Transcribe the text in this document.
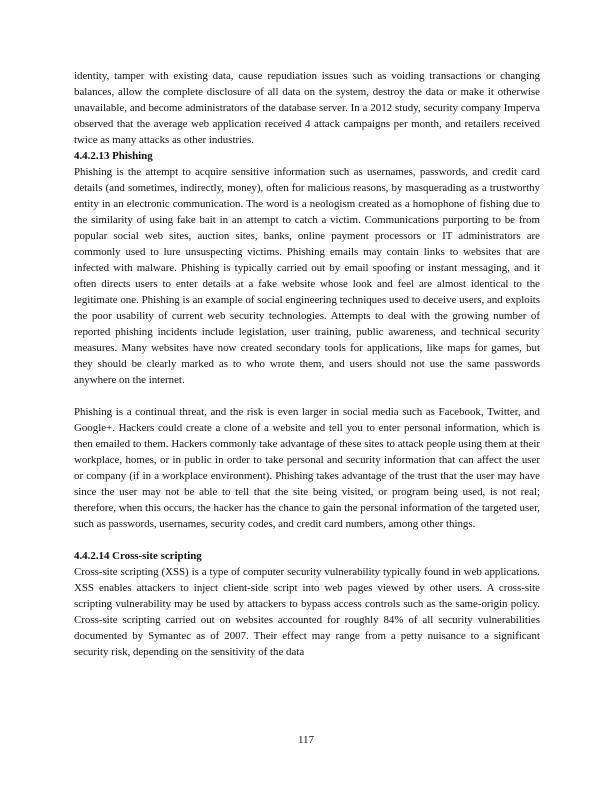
identity, tamper with existing data, cause repudiation issues such as voiding transactions or changing balances, allow the complete disclosure of all data on the system, destroy the data or make it otherwise unavailable, and become administrators of the database server. In a 2012 study, security company Imperva observed that the average web application received 4 attack campaigns per month, and retailers received twice as many attacks as other industries.

4.4.2.13 Phishing

Phishing is the attempt to acquire sensitive information such as usernames, passwords, and credit card details (and sometimes, indirectly, money), often for malicious reasons, by masquerading as a trustworthy entity in an electronic communication. The word is a neologism created as a homophone of fishing due to the similarity of using fake bait in an attempt to catch a victim. Communications purporting to be from popular social web sites, auction sites, banks, online payment processors or IT administrators are commonly used to lure unsuspecting victims. Phishing emails may contain links to websites that are infected with malware. Phishing is typically carried out by email spoofing or instant messaging, and it often directs users to enter details at a fake website whose look and feel are almost identical to the legitimate one. Phishing is an example of social engineering techniques used to deceive users, and exploits the poor usability of current web security technologies. Attempts to deal with the growing number of reported phishing incidents include legislation, user training, public awareness, and technical security measures. Many websites have now created secondary tools for applications, like maps for games, but they should be clearly marked as to who wrote them, and users should not use the same passwords anywhere on the internet.

Phishing is a continual threat, and the risk is even larger in social media such as Facebook, Twitter, and Google+. Hackers could create a clone of a website and tell you to enter personal information, which is then emailed to them. Hackers commonly take advantage of these sites to attack people using them at their workplace, homes, or in public in order to take personal and security information that can affect the user or company (if in a workplace environment). Phishing takes advantage of the trust that the user may have since the user may not be able to tell that the site being visited, or program being used, is not real; therefore, when this occurs, the hacker has the chance to gain the personal information of the targeted user, such as passwords, usernames, security codes, and credit card numbers, among other things.

4.4.2.14 Cross-site scripting

Cross-site scripting (XSS) is a type of computer security vulnerability typically found in web applications. XSS enables attackers to inject client-side script into web pages viewed by other users. A cross-site scripting vulnerability may be used by attackers to bypass access controls such as the same-origin policy. Cross-site scripting carried out on websites accounted for roughly 84% of all security vulnerabilities documented by Symantec as of 2007. Their effect may range from a petty nuisance to a significant security risk, depending on the sensitivity of the data

117
